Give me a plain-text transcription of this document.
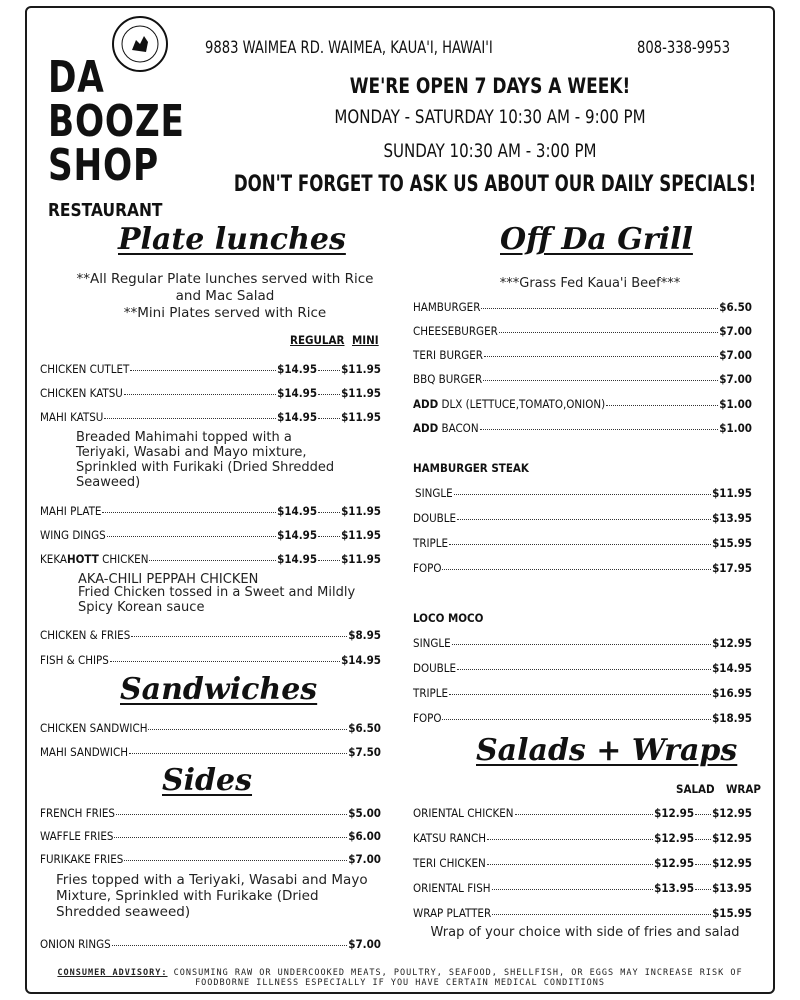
DA
BOOZE
SHOP
RESTAURANT
9883 WAIMEA RD. WAIMEA, KAUA'I, HAWAI'I	808-338-9953
WE'RE OPEN 7 DAYS A WEEK!
MONDAY - SATURDAY 10:30 AM - 9:00 PM
SUNDAY 10:30 AM - 3:00 PM
DON'T FORGET TO ASK US ABOUT OUR DAILY SPECIALS!
Plate lunches
**All Regular Plate lunches served with Rice
and Mac Salad
**Mini Plates served with Rice
REGULAR MINI
CHICKEN CUTLET	$14.95 $11.95
CHICKEN KATSU	$14.95 $11.95
MAHI KATSU	$14.95 $11.95
Breaded Mahimahi topped with a Teriyaki, Wasabi and Mayo mixture, Sprinkled with Furikaki (Dried Shredded Seaweed)
MAHI PLATE	$14.95 $11.95
WING DINGS	$14.95 $11.95
KEKAHOTT CHICKEN	$14.95 $11.95
AKA-CHILI PEPPAH CHICKEN
Fried Chicken tossed in a Sweet and Mildly Spicy Korean sauce
CHICKEN & FRIES	$8.95
FISH & CHIPS	$14.95
Sandwiches
CHICKEN SANDWICH	$6.50
MAHI SANDWICH	$7.50
Sides
FRENCH FRIES	$5.00
WAFFLE FRIES	$6.00
FURIKAKE FRIES	$7.00
Fries topped with a Teriyaki, Wasabi and Mayo Mixture, Sprinkled with Furikake (Dried Shredded seaweed)
ONION RINGS	$7.00
Off Da Grill
***Grass Fed Kaua'i Beef***
HAMBURGER	$6.50
CHEESEBURGER	$7.00
TERI BURGER	$7.00
BBQ BURGER	$7.00
ADD DLX (LETTUCE,TOMATO,ONION)	$1.00
ADD BACON	$1.00
HAMBURGER STEAK
SINGLE	$11.95
DOUBLE	$13.95
TRIPLE	$15.95
FOPO	$17.95
LOCO MOCO
SINGLE	$12.95
DOUBLE	$14.95
TRIPLE	$16.95
FOPO	$18.95
Salads + Wraps
SALAD WRAP
ORIENTAL CHICKEN	$12.95 $12.95
KATSU RANCH	$12.95 $12.95
TERI CHICKEN	$12.95 $12.95
ORIENTAL FISH	$13.95 $13.95
WRAP PLATTER	$15.95
Wrap of your choice with side of fries and salad
CONSUMER ADVISORY: CONSUMING RAW OR UNDERCOOKED MEATS, POULTRY, SEAFOOD, SHELLFISH, OR EGGS MAY INCREASE RISK OF
FOODBORNE ILLNESS ESPECIALLY IF YOU HAVE CERTAIN MEDICAL CONDITIONS
